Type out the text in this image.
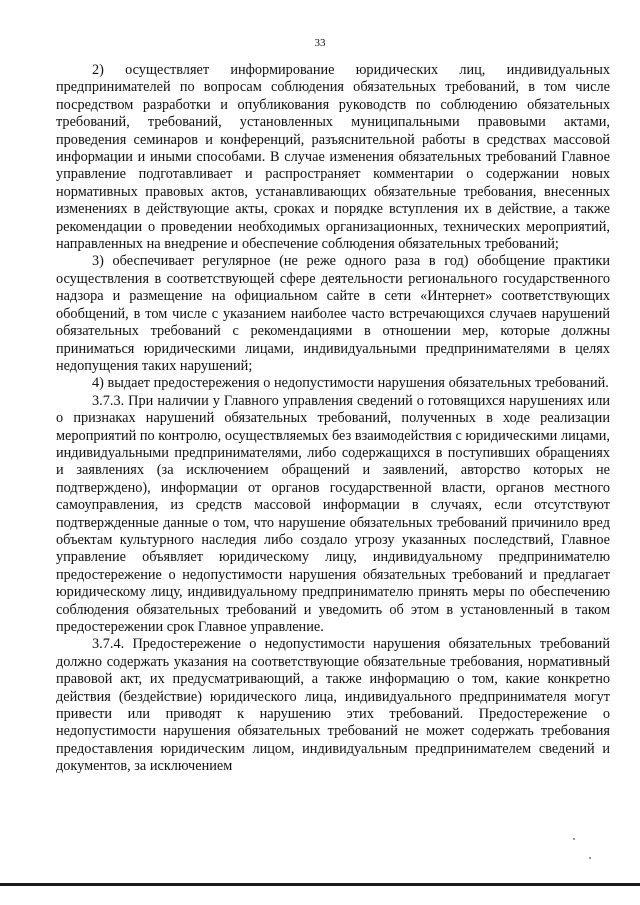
33

2) осуществляет информирование юридических лиц, индивидуальных предпринимателей по вопросам соблюдения обязательных требований, в том числе посредством разработки и опубликования руководств по соблюдению обязательных требований, требований, установленных муниципальными правовыми актами, проведения семинаров и конференций, разъяснительной работы в средствах массовой информации и иными способами. В случае изменения обязательных требований Главное управление подготавливает и распространяет комментарии о содержании новых нормативных правовых актов, устанавливающих обязательные требования, внесенных изменениях в действующие акты, сроках и порядке вступления их в действие, а также рекомендации о проведении необходимых организационных, технических мероприятий, направленных на внедрение и обеспечение соблюдения обязательных требований;

3) обеспечивает регулярное (не реже одного раза в год) обобщение практики осуществления в соответствующей сфере деятельности регионального государственного надзора и размещение на официальном сайте в сети «Интернет» соответствующих обобщений, в том числе с указанием наиболее часто встречающихся случаев нарушений обязательных требований с рекомендациями в отношении мер, которые должны приниматься юридическими лицами, индивидуальными предпринимателями в целях недопущения таких нарушений;

4) выдает предостережения о недопустимости нарушения обязательных требований.

3.7.3. При наличии у Главного управления сведений о готовящихся нарушениях или о признаках нарушений обязательных требований, полученных в ходе реализации мероприятий по контролю, осуществляемых без взаимодействия с юридическими лицами, индивидуальными предпринимателями, либо содержащихся в поступивших обращениях и заявлениях (за исключением обращений и заявлений, авторство которых не подтверждено), информации от органов государственной власти, органов местного самоуправления, из средств массовой информации в случаях, если отсутствуют подтвержденные данные о том, что нарушение обязательных требований причинило вред объектам культурного наследия либо создало угрозу указанных последствий, Главное управление объявляет юридическому лицу, индивидуальному предпринимателю предостережение о недопустимости нарушения обязательных требований и предлагает юридическому лицу, индивидуальному предпринимателю принять меры по обеспечению соблюдения обязательных требований и уведомить об этом в установленный в таком предостережении срок Главное управление.

3.7.4. Предостережение о недопустимости нарушения обязательных требований должно содержать указания на соответствующие обязательные требования, нормативный правовой акт, их предусматривающий, а также информацию о том, какие конкретно действия (бездействие) юридического лица, индивидуального предпринимателя могут привести или приводят к нарушению этих требований. Предостережение о недопустимости нарушения обязательных требований не может содержать требования предоставления юридическим лицом, индивидуальным предпринимателем сведений и документов, за исключением
